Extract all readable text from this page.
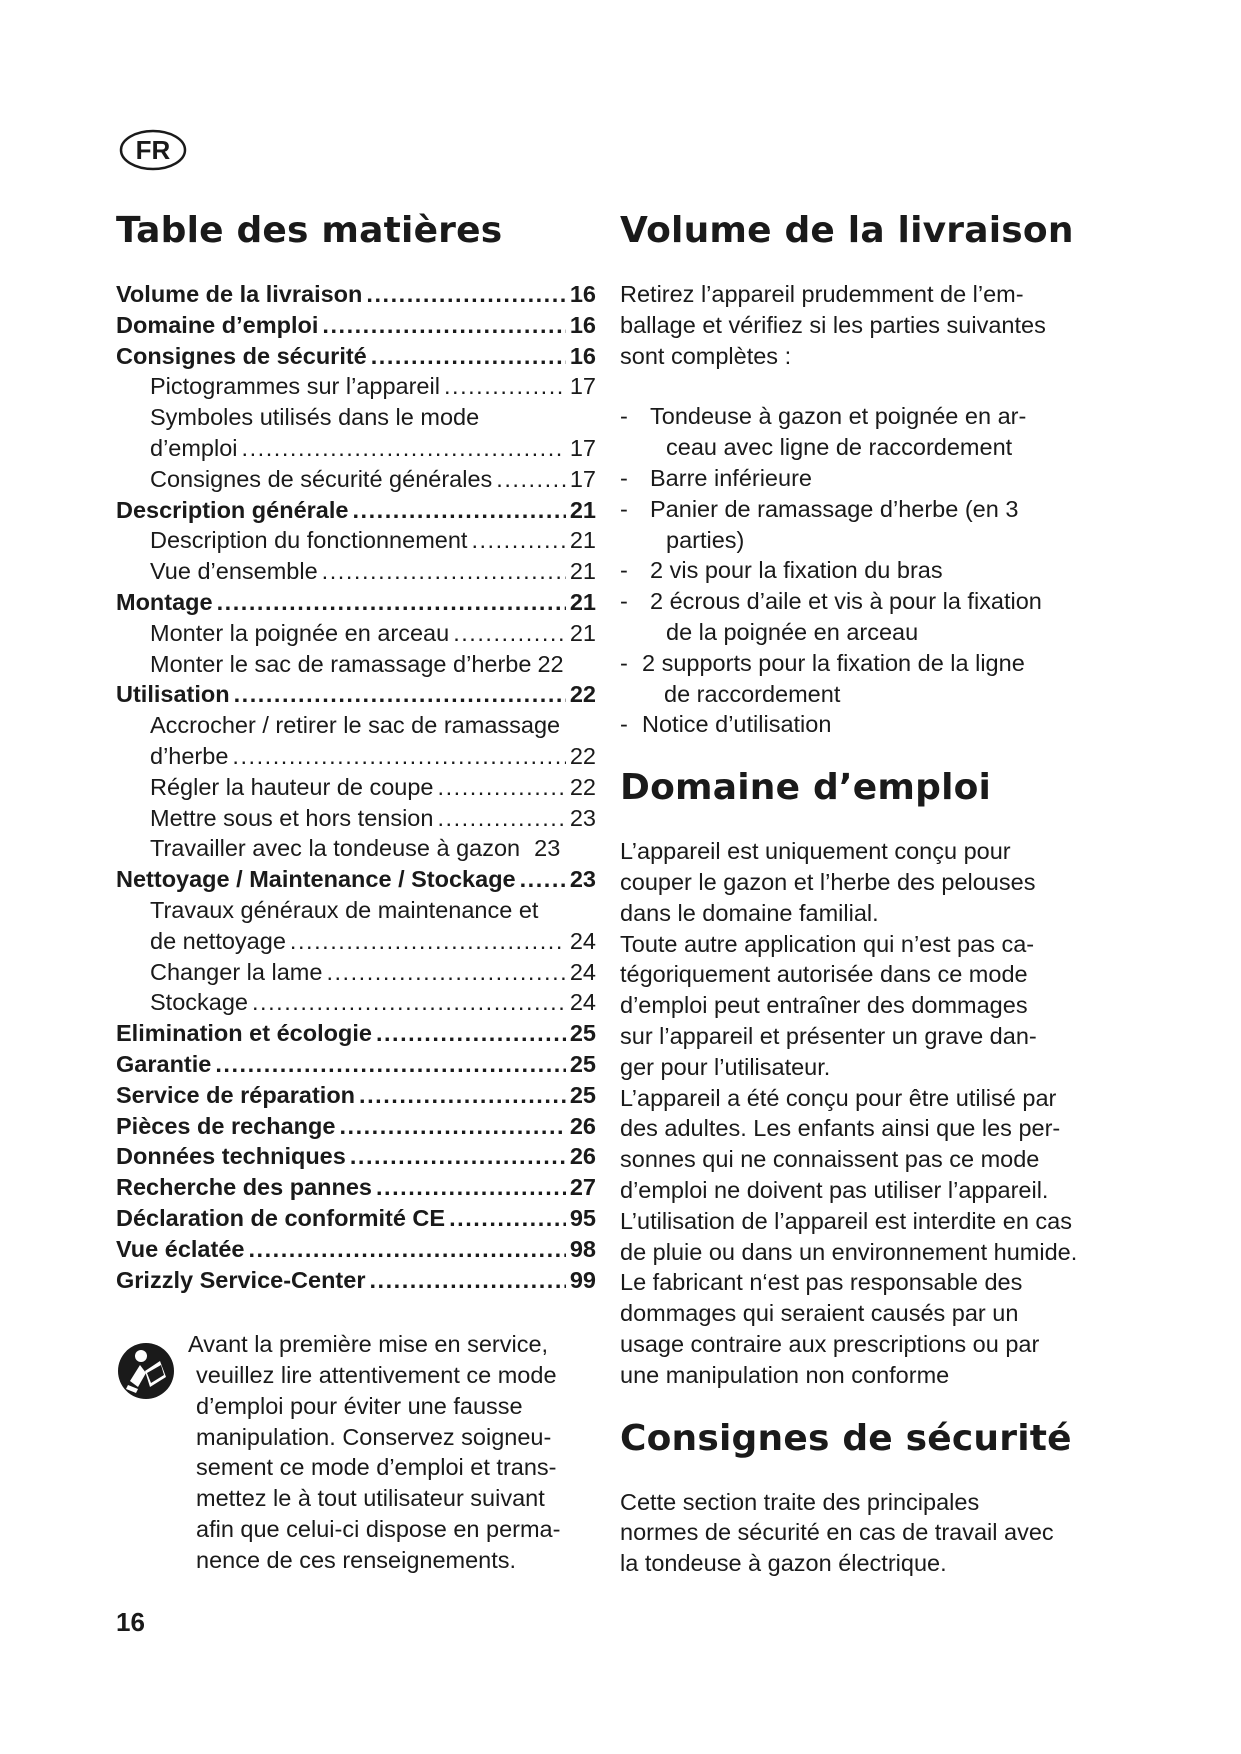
FR
Table des matières
Volume de la livraison . . .	16
Domaine d’emploi . . .	16
Consignes de sécurité . . .	16
Pictogrammes sur l’appareil . . .	17
Symboles utilisés dans le mode
d’emploi . . .	17
Consignes de sécurité générales . . .	17
Description générale . . .	21
Description du fonctionnement . . .	21
Vue d’ensemble . . .	21
Montage . . .	21
Monter la poignée en arceau . . .	21
Monter le sac de ramassage d’herbe 22
Utilisation . . .	22
Accrocher / retirer le sac de ramassage
d’herbe . . .	22
Régler la hauteur de coupe . . .	22
Mettre sous et hors tension . . .	23
Travailler avec la tondeuse à gazon 23
Nettoyage / Maintenance / Stockage . . . 23
Travaux généraux de maintenance et
de nettoyage . . .	24
Changer la lame . . .	24
Stockage . . .	24
Elimination et écologie . . .	25
Garantie . . .	25
Service de réparation . . .	25
Pièces de rechange . . .	26
Données techniques . . .	26
Recherche des pannes . . .	27
Déclaration de conformité CE . . .	95
Vue éclatée . . .	98
Grizzly Service-Center . . .	99
Avant la première mise en service,
veuillez lire attentivement ce mode
d’emploi pour éviter une fausse
manipulation. Conservez soigneu-
sement ce mode d’emploi et trans-
mettez le à tout utilisateur suivant
afin que celui-ci dispose en perma-
nence de ces renseignements.
Volume de la livraison

Retirez l’appareil prudemment de l’em-
ballage et vérifiez si les parties suivantes
sont complètes :

- Tondeuse à gazon et poignée en ar-
ceau avec ligne de raccordement
- Barre inférieure
- Panier de ramassage d’herbe (en 3
parties)
- 2 vis pour la fixation du bras
- 2 écrous d’aile et vis à pour la fixation
de la poignée en arceau
- 2 supports pour la fixation de la ligne
de raccordement
- Notice d’utilisation
Domaine d’emploi

L’appareil est uniquement conçu pour
couper le gazon et l’herbe des pelouses
dans le domaine familial.
Toute autre application qui n’est pas ca-
tégoriquement autorisée dans ce mode
d’emploi peut entraîner des dommages
sur l’appareil et présenter un grave dan-
ger pour l’utilisateur.
L’appareil a été conçu pour être utilisé par
des adultes. Les enfants ainsi que les per-
sonnes qui ne connaissent pas ce mode
d’emploi ne doivent pas utiliser l’appareil.
L’utilisation de l’appareil est interdite en cas
de pluie ou dans un environnement humide.
Le fabricant n‘est pas responsable des
dommages qui seraient causés par un
usage contraire aux prescriptions ou par
une manipulation non conforme

Consignes de sécurité

Cette section traite des principales
normes de sécurité en cas de travail avec
la tondeuse à gazon électrique.

16
